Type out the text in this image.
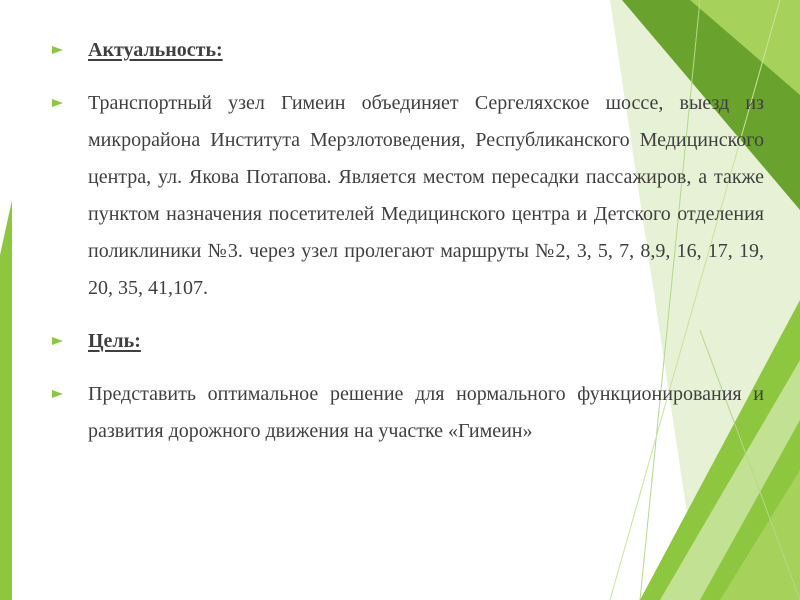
Актуальность:
Транспортный узел Гимеин объединяет Сергеляхское шоссе, выезд из микрорайона Института Мерзлотоведения, Республиканского Медицинского центра, ул. Якова Потапова. Является местом пересадки пассажиров, а также пунктом назначения посетителей Медицинского центра и Детского отделения поликлиники №3. через узел пролегают маршруты №2, 3, 5, 7, 8,9, 16, 17, 19, 20, 35, 41,107.
Цель:
Представить оптимальное решение для нормального функционирования и развития дорожного движения на участке «Гимеин»
